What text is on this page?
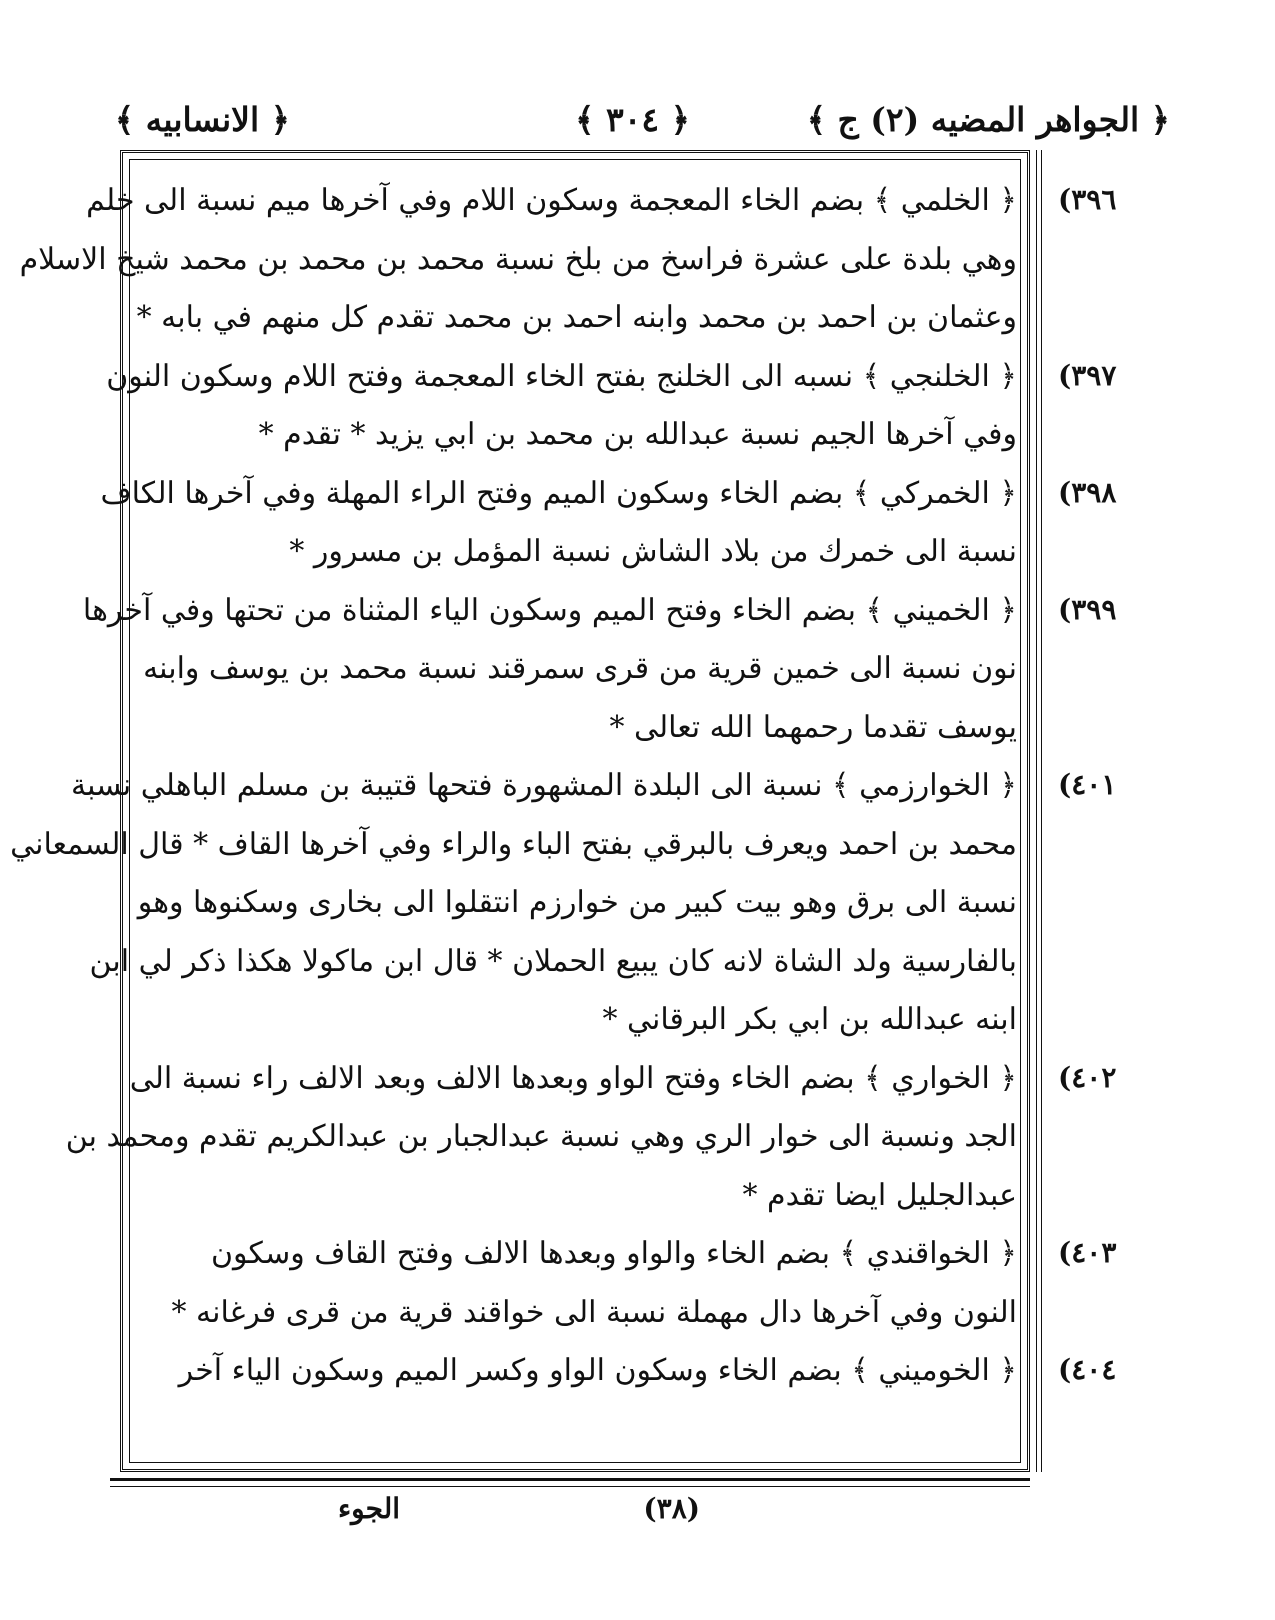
﴿ الجواهر المضيه (٢) ج ﴾
﴿ ٣٠٤ ﴾
﴿ الانسابيه ﴾
﴿ الخلمي ﴾ بضم الخاء المعجمة وسكون اللام وفي آخرها ميم نسبة الى خلم
وهي بلدة على عشرة فراسخ من بلخ نسبة محمد بن محمد بن محمد شيخ الاسلام
وعثمان بن احمد بن محمد وابنه احمد بن محمد تقدم كل منهم في بابه *
﴿ الخلنجي ﴾ نسبه الى الخلنج بفتح الخاء المعجمة وفتح اللام وسكون النون
وفي آخرها الجيم نسبة عبدالله بن محمد بن ابي يزيد * تقدم *
﴿ الخمركي ﴾ بضم الخاء وسكون الميم وفتح الراء المهلة وفي آخرها الكاف
نسبة الى خمرك من بلاد الشاش نسبة المؤمل بن مسرور *
﴿ الخميني ﴾ بضم الخاء وفتح الميم وسكون الياء المثناة من تحتها وفي آخرها
نون نسبة الى خمين قرية من قرى سمرقند نسبة محمد بن يوسف وابنه
يوسف تقدما رحمهما الله تعالى *
﴿ الخوارزمي ﴾ نسبة الى البلدة المشهورة فتحها قتيبة بن مسلم الباهلي نسبة
محمد بن احمد ويعرف بالبرقي بفتح الباء والراء وفي آخرها القاف * قال السمعاني
نسبة الى برق وهو بيت كبير من خوارزم انتقلوا الى بخارى وسكنوها وهو
بالفارسية ولد الشاة لانه كان يبيع الحملان * قال ابن ماكولا هكذا ذكر لي ابن
ابنه عبدالله بن ابي بكر البرقاني *
﴿ الخواري ﴾ بضم الخاء وفتح الواو وبعدها الالف وبعد الالف راء نسبة الى
الجد ونسبة الى خوار الري وهي نسبة عبدالجبار بن عبدالكريم تقدم ومحمد بن
عبدالجليل ايضا تقدم *
﴿ الخواقندي ﴾ بضم الخاء والواو وبعدها الالف وفتح القاف وسكون
النون وفي آخرها دال مهملة نسبة الى خواقند قرية من قرى فرغانه *
﴿ الخوميني ﴾ بضم الخاء وسكون الواو وكسر الميم وسكون الياء آخر
(٣٩٦
(٣٩٧
(٣٩٨
(٣٩٩
(٤٠١
(٤٠٢
(٤٠٣
(٤٠٤
(٣٨)
الجوء
